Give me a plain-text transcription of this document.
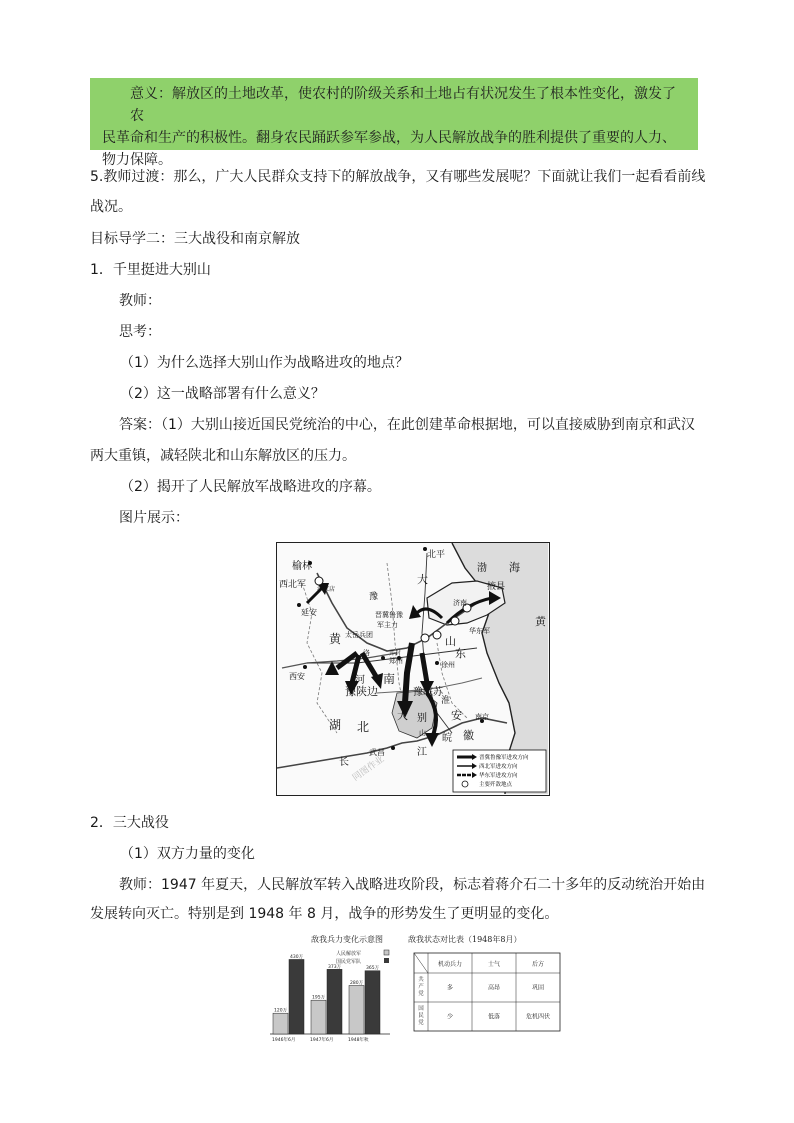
意义：解放区的土地改革，使农村的阶级关系和土地占有状况发生了根本性变化，激发了农
民革命和生产的积极性。翻身农民踊跃参军参战，为人民解放战争的胜利提供了重要的人力、
物力保障。
5.教师过渡：那么，广大人民群众支持下的解放战争，又有哪些发展呢？下面就让我们一起看看前线
战况。
目标导学二：三大战役和南京解放
1．千里挺进大别山
教师：
思考：
（1）为什么选择大别山作为战略进攻的地点？
（2）这一战略部署有什么意义？
答案：（1）大别山接近国民党统治的中心，在此创建革命根据地，可以直接威胁到南京和武汉
两大重镇，减轻陕北和山东解放区的压力。
（2）揭开了人民解放军战略进攻的序幕。
图片展示：
榆林
沙家店
西北军
延安
西安
北平
济南
掖县
华东军
太岳兵团
晋冀鲁豫
军主力
豫陕边	豫皖苏
郑州
开封
徐州
南京
武昌
湖 北
安
徽
大 别
山
河 南
山
东
黄
黄
长
江
皖
淮
大
海
豫
洛
渤
同图作业	晋冀鲁豫军进攻方向
西北军进攻方向
华东军进攻方向
主要歼敌地点
2．三大战役
（1）双方力量的变化
教师：1947 年夏天，人民解放军转入战略进攻阶段，标志着蒋介石二十多年的反动统治开始由
发展转向灭亡。特别是到 1948 年 8 月，战争的形势发生了更明显的变化。
敌我兵力变化示意图
120万
430万
1946年6月
195万
373万
1947年6月
280万
365万
1948年秋
人民解放军
国民党军队
敌我状态对比表（1948年8月）
机动兵力	士气	后方
共
产
党
多	高昂	巩固
国
民
党
少	低落	危机四伏
